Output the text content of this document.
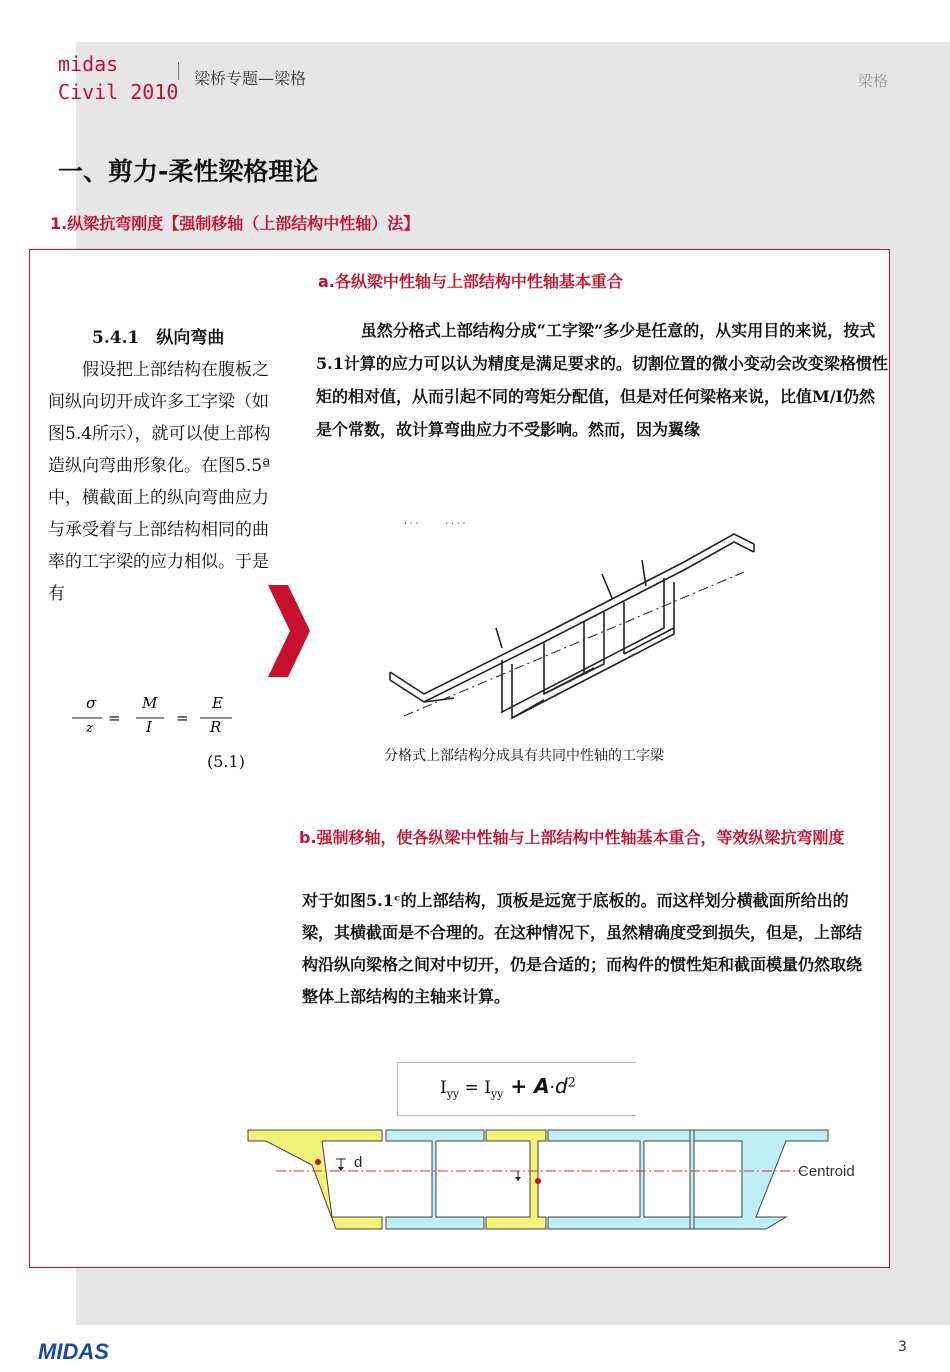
midas
Civil 2010
梁桥专题—梁格	梁格
一、剪力-柔性梁格理论
1.纵梁抗弯刚度【强制移轴（上部结构中性轴）法】
5.4.1　纵向弯曲
假设把上部结构在腹板之间纵向切开成许多工字梁（如图5.4所示），就可以使上部构造纵向弯曲形象化。在图5.5ª中，横截面上的纵向弯曲应力与承受着与上部结构相同的曲率的工字梁的应力相似。于是有
σ
z
=
M
I =
E
R
(5.1)
a.各纵梁中性轴与上部结构中性轴基本重合
虽然分格式上部结构分成“工字梁”多少是任意的，从实用目的来说，按式5.1计算的应力可以认为精度是满足要求的。切割位置的微小变动会改变梁格惯性矩的相对值，从而引起不同的弯矩分配值，但是对任何梁格来说，比值M/I仍然是个常数，故计算弯曲应力不受影响。然而，因为翼缘
· · ·　　　· · · ·
分格式上部结构分成具有共同中性轴的工字梁
b.强制移轴，使各纵梁中性轴与上部结构中性轴基本重合，等效纵梁抗弯刚度
对于如图5.1ᶜ的上部结构，顶板是远宽于底板的。而这样划分横截面所给出的梁，其横截面是不合理的。在这种情况下，虽然精确度受到损失，但是，上部结构沿纵向梁格之间对中切开，仍是合适的；而构件的惯性矩和截面模量仍然取绕整体上部结构的主轴来计算。
$I_{yy} = I_{yy} + A\cdot d^2$
d
Centroid
MIDAS	3
